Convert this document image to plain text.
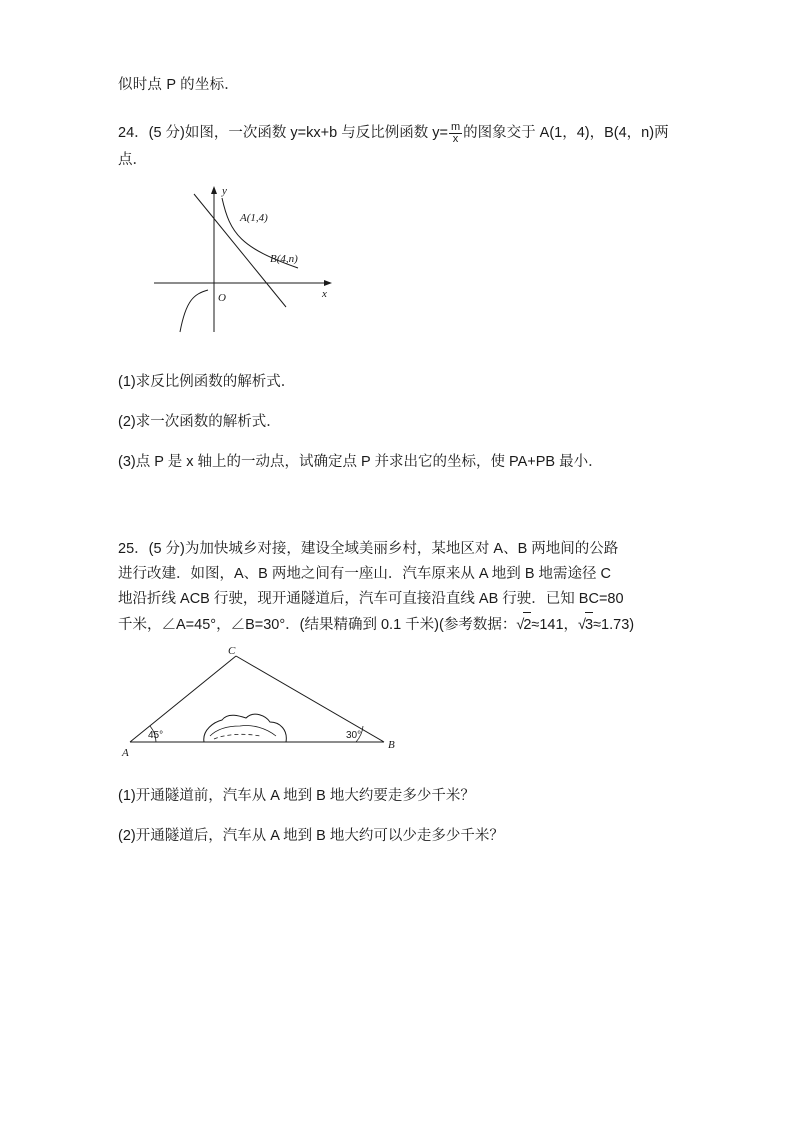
似时点 P 的坐标．
24．(5 分)如图，一次函数 y=kx+b 与反比例函数 $y= \frac{m}{x}$ 的图象交于 A(1，4)，B(4，n)两点．
y
x
O
A(1,4)
B(4,n)
(1)求反比例函数的解析式．
(2)求一次函数的解析式．
(3)点 P 是 x 轴上的一动点，试确定点 P 并求出它的坐标，使 PA+PB 最小．
25．(5 分)为加快城乡对接，建设全域美丽乡村，某地区对 A、B 两地间的公路
进行改建．如图，A、B 两地之间有一座山．汽车原来从 A 地到 B 地需途径 C
地沿折线 ACB 行驶，现开通隧道后，汽车可直接沿直线 AB 行驶．已知 BC=80
千米，∠A=45°，∠B=30°．(结果精确到 0.1 千米)(参考数据：√2≈141，√3≈1.73)
C
A
B
45°	30°
(1)开通隧道前，汽车从 A 地到 B 地大约要走多少千米？
(2)开通隧道后，汽车从 A 地到 B 地大约可以少走多少千米？
